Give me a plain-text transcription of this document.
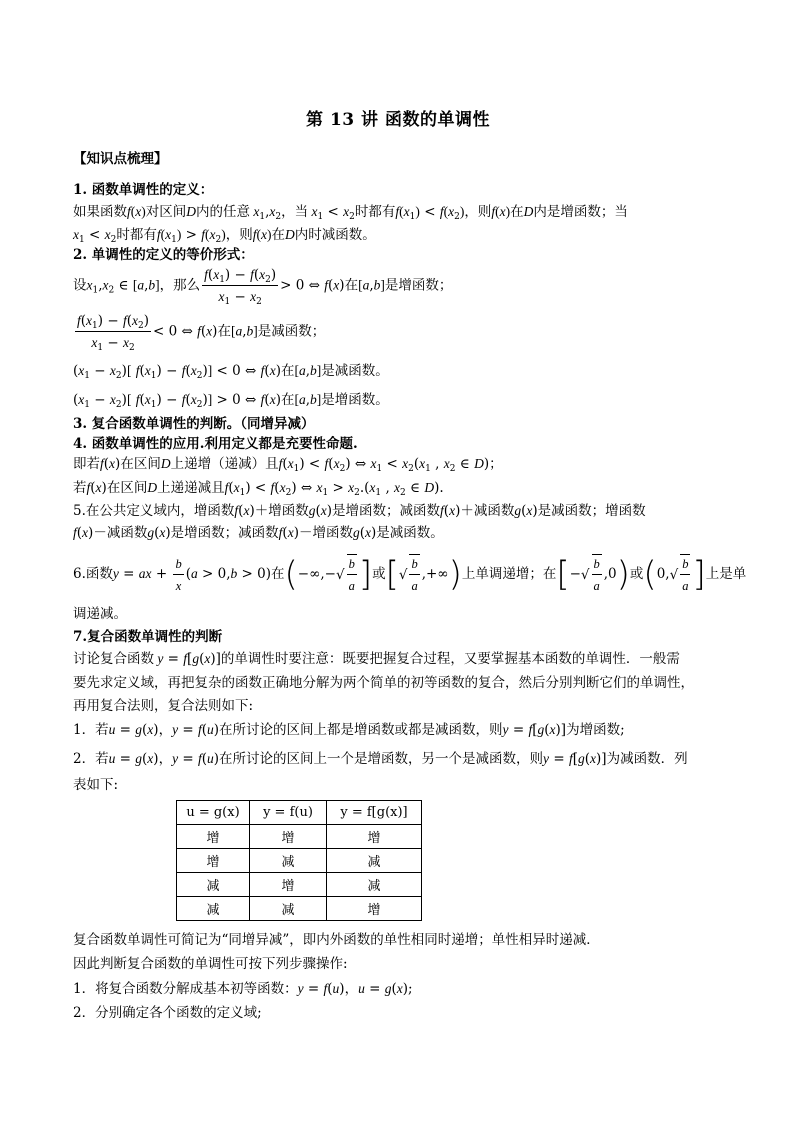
第 13 讲 函数的单调性
【知识点梳理】
1. 函数单调性的定义：
如果函数f(x)对区间D内的任意 $x_1,x_2$，当 $x_1 < x_2$时都有$f(x_1) < f(x_2)$，则f(x)在D内是增函数；当
$x_1 < x_2$时都有$f(x_1) > f(x_2)$，则f(x)在D内时减函数。
2. 单调性的定义的等价形式：
设$x_1,x_2$ ∈ [a,b]，那么 $\frac{f(x_1) - f(x_2)}{x_1 - x_2} > 0$ ⇔ f(x)在[a,b]是增函数；
$\frac{f(x_1) - f(x_2)}{x_1 - x_2} < 0$ ⇔ f(x)在[a,b]是减函数；
$(x_1 - x_2)$[ $f(x_1) - f(x_2)] < 0$ ⇔ f(x)在[a,b]是减函数。
$(x_1 - x_2)$[ $f(x_1) - f(x_2)] > 0$ ⇔ f(x)在[a,b]是增函数。
3. 复合函数单调性的判断。（同增异减）
4. 函数单调性的应用.利用定义都是充要性命题.
即若f(x)在区间D上递增（递减）且$f(x_1) < f(x_2)$ ⇔ $x_1 < x_2(x_1$ , $x_2$ ∈ D)；
若f(x)在区间D上递递减且$f(x_1) < f(x_2)$ ⇔ $x_1 > x_2.(x_1$ , $x_2$ ∈ D).
5.在公共定义域内，增函数f(x)＋增函数g(x)是增函数；减函数f(x)＋减函数g(x)是减函数；增函数
f(x)－减函数g(x)是增函数；减函数f(x)－增函数g(x)是减函数。
6.函数y = ax + $\frac{b}{x} (a > 0,b > 0)$在(−∞,−√ $\frac{b}{a}$ ]或[√ $\frac{b}{a}$ ,+∞)上单调递增；在[−√ $\frac{b}{a} ,0$)或($0,√ \frac{b}{a}$ ]上是单
调递减。
7.复合函数单调性的判断
讨论复合函数 y = f[g(x)]的单调性时要注意：既要把握复合过程，又要掌握基本函数的单调性．一般需
要先求定义域，再把复杂的函数正确地分解为两个简单的初等函数的复合，然后分别判断它们的单调性，
再用复合法则，复合法则如下:
1．若u = g(x)，y = f(u)在所讨论的区间上都是增函数或都是减函数，则y = f[g(x)]为增函数;
2．若u = g(x)，y = f(u)在所讨论的区间上一个是增函数，另一个是减函数，则y = f[g(x)]为减函数．列
表如下:
u = g(x)	y = f(u)	y = f[g(x)]
增	增	增
增	减	减
减	增	减
减	减	增
复合函数单调性可简记为“同增异减”，即内外函数的单性相同时递增；单性相异时递减．
因此判断复合函数的单调性可按下列步骤操作:
1．将复合函数分解成基本初等函数：y = f(u)，u = g(x);
2．分别确定各个函数的定义域;
